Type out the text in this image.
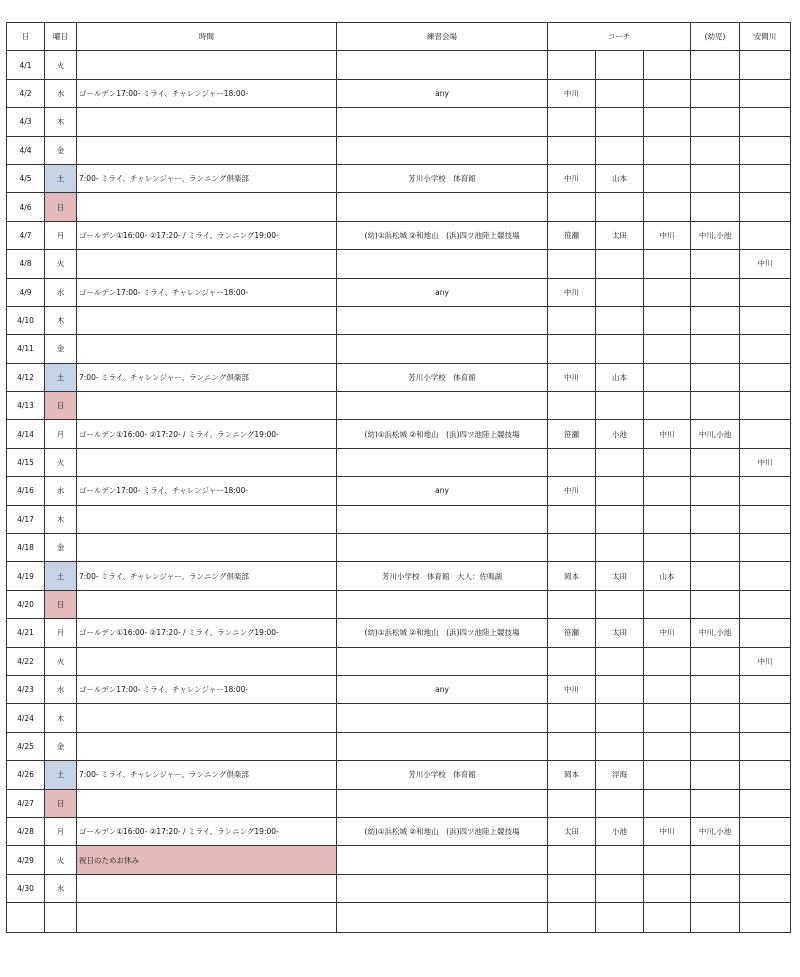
日	曜日	時間	練習会場	コーチ			(幼児)	安間川
4/1	火							
4/2	水	ゴールデン17:00- ミライ、チャレンジャー18:00-	any	中川				
4/3	木							
4/4	金							
4/5	土	7:00- ミライ、チャレンジャー、ランニング倶楽部	芳川小学校　体育館	中川	山本			
4/6	日							
4/7	月	ゴールデン①16:00- ②17:20- / ミライ、ランニング19:00-	(幼)①浜松城 ②和地山　(浜)四ツ池陸上競技場	笹瀬	太田	中川	中川,小池	
4/8	火							中川
4/9	水	ゴールデン17:00- ミライ、チャレンジャー18:00-	any	中川				
4/10	木							
4/11	金							
4/12	土	7:00- ミライ、チャレンジャー、ランニング倶楽部	芳川小学校　体育館	中川	山本			
4/13	日							
4/14	月	ゴールデン①16:00- ②17:20- / ミライ、ランニング19:00-	(幼)①浜松城 ②和地山　(浜)四ツ池陸上競技場	笹瀬	小池	中川	中川,小池	
4/15	火							中川
4/16	水	ゴールデン17:00- ミライ、チャレンジャー18:00-	any	中川				
4/17	木							
4/18	金							
4/19	土	7:00- ミライ、チャレンジャー、ランニング倶楽部	芳川小学校　体育館　大人：佐鳴湖	岡本	太田	山本		
4/20	日							
4/21	月	ゴールデン①16:00- ②17:20- / ミライ、ランニング19:00-	(幼)①浜松城 ②和地山　(浜)四ツ池陸上競技場	笹瀬	太田	中川	中川,小池	
4/22	火							中川
4/23	水	ゴールデン17:00- ミライ、チャレンジャー18:00-	any	中川				
4/24	木							
4/25	金							
4/26	土	7:00- ミライ、チャレンジャー、ランニング倶楽部	芳川小学校　体育館	岡本	浮海			
4/27	日							
4/28	月	ゴールデン①16:00- ②17:20- / ミライ、ランニング19:00-	(幼)①浜松城 ②和地山　(浜)四ツ池陸上競技場	太田	小池	中川	中川,小池	
4/29	火	祝日のためお休み						
4/30	水							
